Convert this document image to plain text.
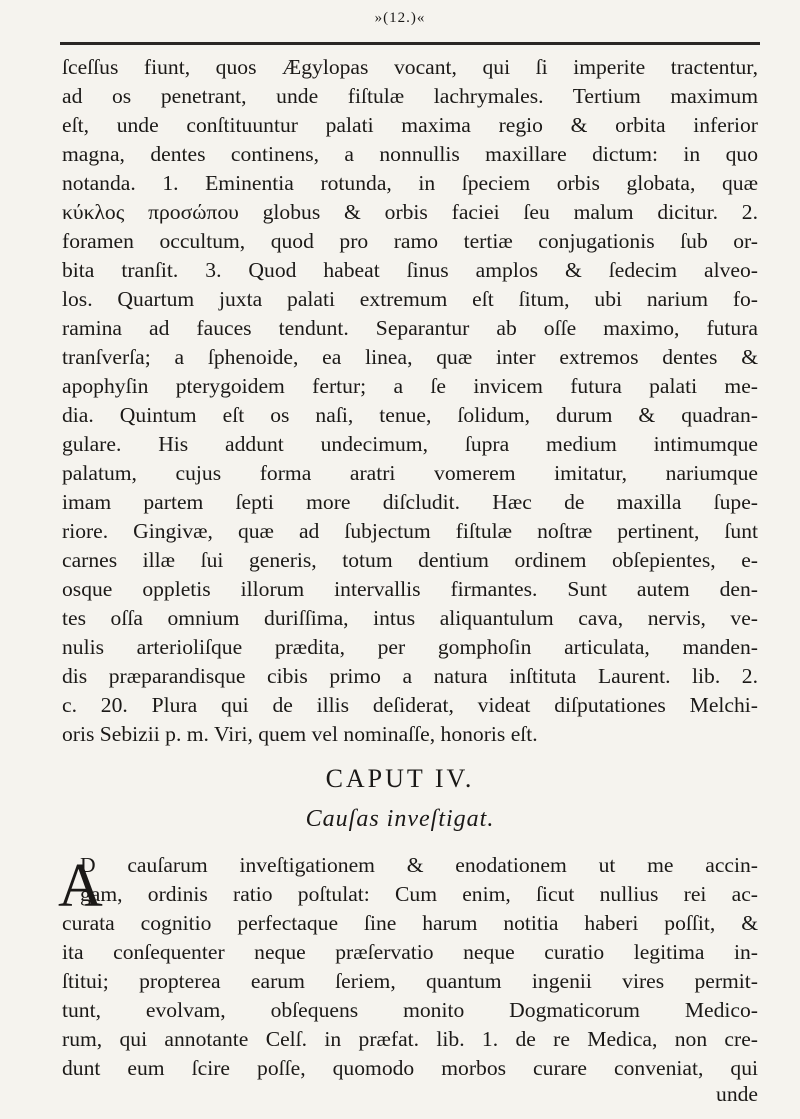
»(12.)«
ſceſſus fiunt, quos Ægylopas vocant, qui ſi imperite tractentur,
ad os penetrant, unde fiſtulæ lachrymales. Tertium maximum
eſt, unde conſtituuntur palati maxima regio & orbita inferior
magna, dentes continens, a nonnullis maxillare dictum: in quo
notanda. 1. Eminentia rotunda, in ſpeciem orbis globata, quæ
κύκλος προσώπου globus & orbis faciei ſeu malum dicitur. 2.
foramen occultum, quod pro ramo tertiæ conjugationis ſub or-
bita tranſit. 3. Quod habeat ſinus amplos & ſedecim alveo-
los. Quartum juxta palati extremum eſt ſitum, ubi narium fo-
ramina ad fauces tendunt. Separantur ab oſſe maximo, futura
tranſverſa; a ſphenoide, ea linea, quæ inter extremos dentes &
apophyſin pterygoidem fertur; a ſe invicem futura palati me-
dia. Quintum eſt os naſi, tenue, ſolidum, durum & quadran-
gulare. His addunt undecimum, ſupra medium intimumque
palatum, cujus forma aratri vomerem imitatur, nariumque
imam partem ſepti more diſcludit. Hæc de maxilla ſupe-
riore. Gingivæ, quæ ad ſubjectum fiſtulæ noſtræ pertinent, ſunt
carnes illæ ſui generis, totum dentium ordinem obſepientes, e-
osque oppletis illorum intervallis firmantes. Sunt autem den-
tes oſſa omnium duriſſima, intus aliquantulum cava, nervis, ve-
nulis arterioliſque prædita, per gomphoſin articulata, manden-
dis præparandisque cibis primo a natura inſtituta Laurent. lib. 2.
c. 20. Plura qui de illis deſiderat, videat diſputationes Melchi-
oris Sebizii p. m. Viri, quem vel nominaſſe, honoris eſt.
CAPUT IV.
Cauſas inveſtigat.
A
D cauſarum inveſtigationem & enodationem ut me accin-
gam, ordinis ratio poſtulat: Cum enim, ſicut nullius rei ac-
curata cognitio perfectaque ſine harum notitia haberi poſſit, &
ita conſequenter neque præſervatio neque curatio legitima in-
ſtitui; propterea earum ſeriem, quantum ingenii vires permit-
tunt, evolvam, obſequens monito Dogmaticorum Medico-
rum, qui annotante Celſ. in præfat. lib. 1. de re Medica, non cre-
dunt eum ſcire poſſe, quomodo morbos curare conveniat, qui
unde
